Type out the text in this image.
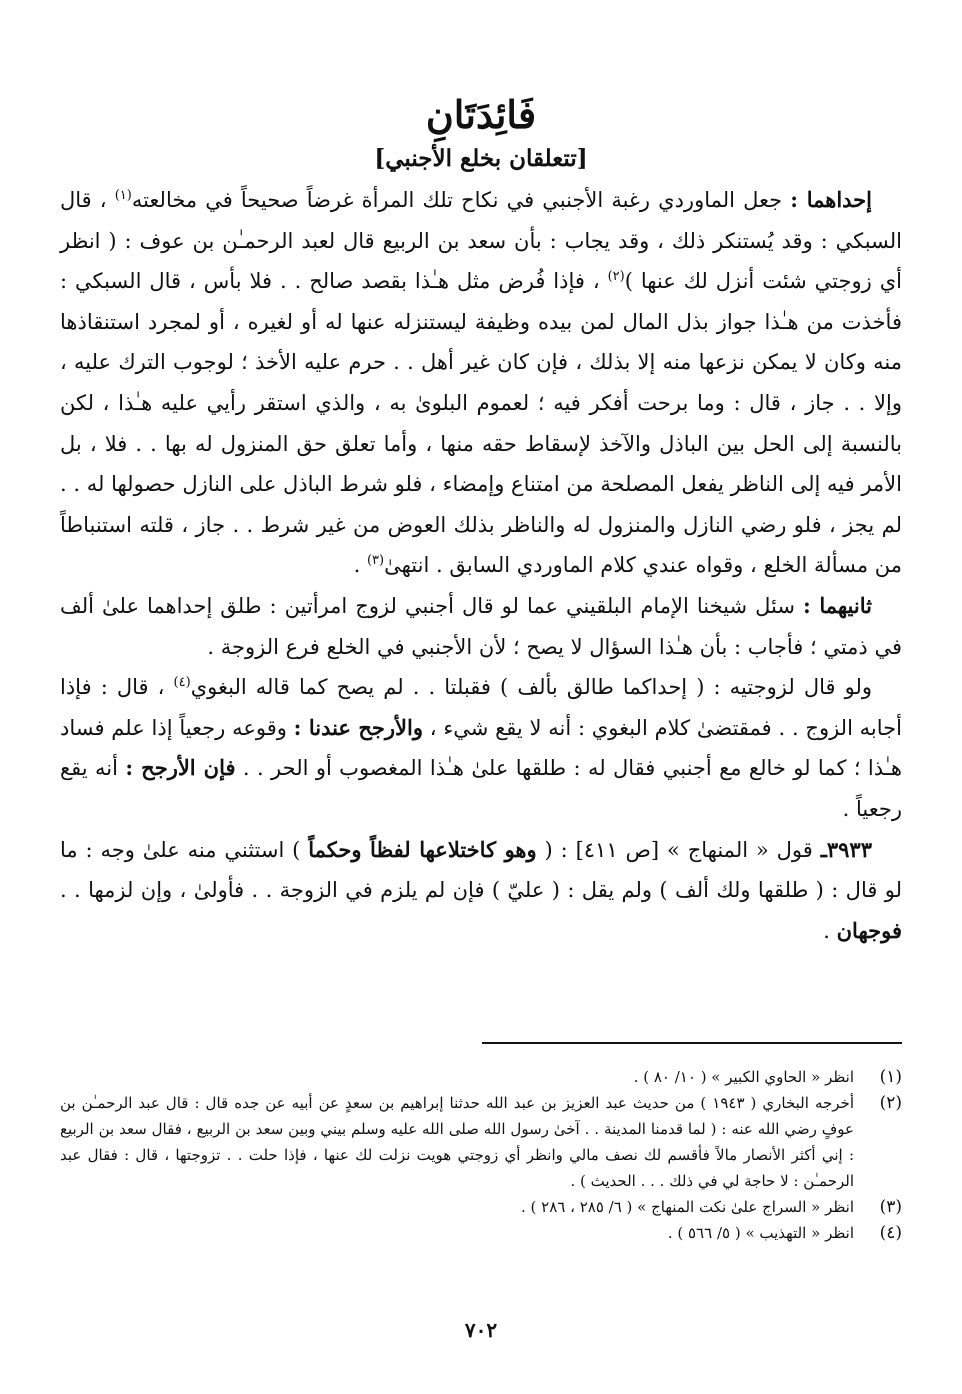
فَائِدَتَانِ
[تتعلقان بخلع الأجنبي]

إحداهما : جعل الماوردي رغبة الأجنبي في نكاح تلك المرأة غرضاً صحيحاً في مخالعته$^{(١)}$ ، قال السبكي : وقد يُستنكر ذلك ، وقد يجاب : بأن سعد بن الربيع قال لعبد الرحمـٰن بن عوف : ( انظر أي زوجتي شئت أنزل لك عنها )$^{(٢)}$ ، فإذا فُرض مثل هـٰذا بقصد صالح . . فلا بأس ، قال السبكي : فأخذت من هـٰذا جواز بذل المال لمن بيده وظيفة ليستنزله عنها له أو لغيره ، أو لمجرد استنقاذها منه وكان لا يمكن نزعها منه إلا بذلك ، فإن كان غير أهل . . حرم عليه الأخذ ؛ لوجوب الترك عليه ، وإلا . . جاز ، قال : وما برحت أفكر فيه ؛ لعموم البلوىٰ به ، والذي استقر رأيي عليه هـٰذا ، لكن بالنسبة إلى الحل بين الباذل والآخذ لإسقاط حقه منها ، وأما تعلق حق المنزول له بها . . فلا ، بل الأمر فيه إلى الناظر يفعل المصلحة من امتناع وإمضاء ، فلو شرط الباذل على النازل حصولها له . . لم يجز ، فلو رضي النازل والمنزول له والناظر بذلك العوض من غير شرط . . جاز ، قلته استنباطاً من مسألة الخلع ، وقواه عندي كلام الماوردي السابق . انتهىٰ$^{(٣)}$ .

ثانيهما : سئل شيخنا الإمام البلقيني عما لو قال أجنبي لزوج امرأتين : طلق إحداهما علىٰ ألف في ذمتي ؛ فأجاب : بأن هـٰذا السؤال لا يصح ؛ لأن الأجنبي في الخلع فرع الزوجة .

ولو قال لزوجتيه : ( إحداكما طالق بألف ) فقبلتا . . لم يصح كما قاله البغوي$^{(٤)}$ ، قال : فإذا أجابه الزوج . . فمقتضىٰ كلام البغوي : أنه لا يقع شيء ، والأرجح عندنا : وقوعه رجعياً إذا علم فساد هـٰذا ؛ كما لو خالع مع أجنبي فقال له : طلقها علىٰ هـٰذا المغصوب أو الحر . . فإن الأرجح : أنه يقع رجعياً .

٣٩٣٣ـ قول « المنهاج » [ص ٤١١] : ( وهو كاختلاعها لفظاً وحكماً ) استثني منه علىٰ وجه : ما لو قال : ( طلقها ولك ألف ) ولم يقل : ( عليّ ) فإن لم يلزم في الزوجة . . فأولىٰ ، وإن لزمها . . فوجهان .

(١)
انظر « الحاوي الكبير » ( ١٠/ ٨٠ ) .
(٢)
أخرجه البخاري ( ١٩٤٣ ) من حديث عبد العزيز بن عبد الله حدثنا إبراهيم بن سعدٍ عن أبيه عن جده قال : قال عبد الرحمـٰن بن عوفٍ رضي الله عنه : ( لما قدمنا المدينة . . آخىٰ رسول الله صلى الله عليه وسلم بيني وبين سعد بن الربيع ، فقال سعد بن الربيع : إني أكثر الأنصار مالاً فأقسم لك نصف مالي وانظر أي زوجتي هويت نزلت لك عنها ، فإذا حلت . . تزوجتها ، قال : فقال عبد الرحمـٰن : لا حاجة لي في ذلك . . . الحديث ) .
(٣)
انظر « السراج علىٰ نكت المنهاج » ( ٦/ ٢٨٥ ، ٢٨٦ ) .
(٤)
انظر « التهذيب » ( ٥/ ٥٦٦ ) .
٧٠٢
